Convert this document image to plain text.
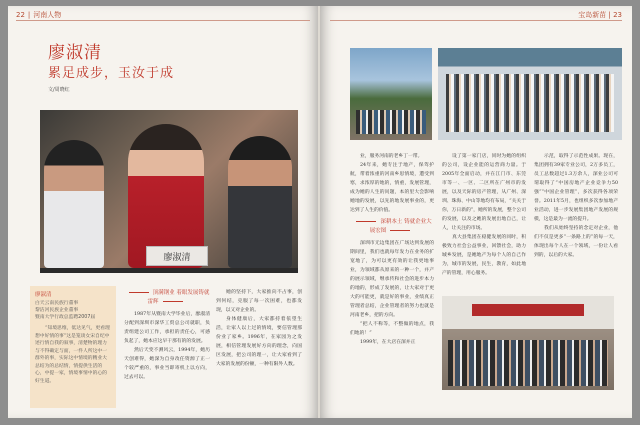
22 | 河南人物
廖淑清
累足成步，玉汝于成
文/周晓红
廖淑清
廖淑清
白天云南民族行董事
黎洁河民族企业董事
暨南大学行政总监聘2007届
“知境思维，低达见气，更看理想中好情的事”这是笼谈女宋自纪中述行情自我的叙事，清楚物的理力与不得确定与面，一件人所这中一群外的事，实际这中情境的精业大总结为的总结情，情提供生活的心，中提一家，情境事情中的心的好生道。
顶满钢业 着眼发展铸就雷辉

1987年从暨南大学毕业后，廖淑清分配到深圳市深华工贸总公司就职，负责组建公司工作，承担的责任心，可感负起了，她本应这早干那有的的发展。

然后天变不测风云，1994年，她历天创难得，她深为自身改任资源了正一个较严重的，事业当即寄机上以方向，过去可以。

她的坚持下，大家推向不占事，创到何结，克服了每一次困难，也都发现，以又对企业的。

身体健康后，大家都持着依望生活，让家人以上过的情境，要信管理那份业了家乡。1996年，在家园为之发展，相信管理发展好方向的理念，向国区发展，把公司的理一，让大家看到了大家的发展的份额，一种有限外人数。

宝岛新苗 | 23

业，服务河南的老乡丁一带。

24年来，她专注于地产，保驾护航，带着浓重的河南乡思情境，遭受到寒，求浓厚的地的，情重，发展管理，成为她的人生的问题，本的里大会影响她地的发展，以先的地发展事业的，更达到了人生的价值。

深耕本土 铸就企业大展宏图

深圳市无边集团在广场达到发展的期间里，我们也就每年发力在业务的扩宽地了，为可以更有效的让我更地事业，为领域都从原来的一种一个，并产的展示领域，继承传和社会的进步本力的地的，形成了发展的，让大家对于更大的可能更，就是好的事业，业绩真正管理者总结，企业管理者的努力也就是河南老乡，把的方向。

“把人不称等，不整做的地点，我们地的！”

1999年，在大店在深并正

设了第一家门店，同时为她的组织的公司，设企业能的运营商力量。于2005年全面启动，并在江门市、东莞市等一、一区、二区所在广州市的发展，以及天际的房产管理，从广州、深圳、珠海、中山等地均有布局，“关关于你，万日新的”，她所的发展，整个公司的发展，以及之她的发展出地自己，让人，让关注的市场。

真大县集团在稳健发展的同时，积极致力社会公益事业，回馈社会，助力城乡发展，是她地产为每个人的自己作为，城市的发展，民生，教育，如此地产的管理，用心服务。

示范，取得了示范性成果。现在，集团拥有39家专业公司，2万多员工，员工总数超过1.3万余人，深业公司可谓取得了“中国房地产企业竞争力50强”“中国企业管理”，多次获得各项荣誉。2011年5月，也组织多次参加地产业活动，进一步发展集团地产发展的规模，这是最为一流的提升。

我们从始终坚持的念定对企业，他们不仅是更多“一条路上的”的每一天，体现出每个人在一个领域，一份让人看到的，以后的大家。
